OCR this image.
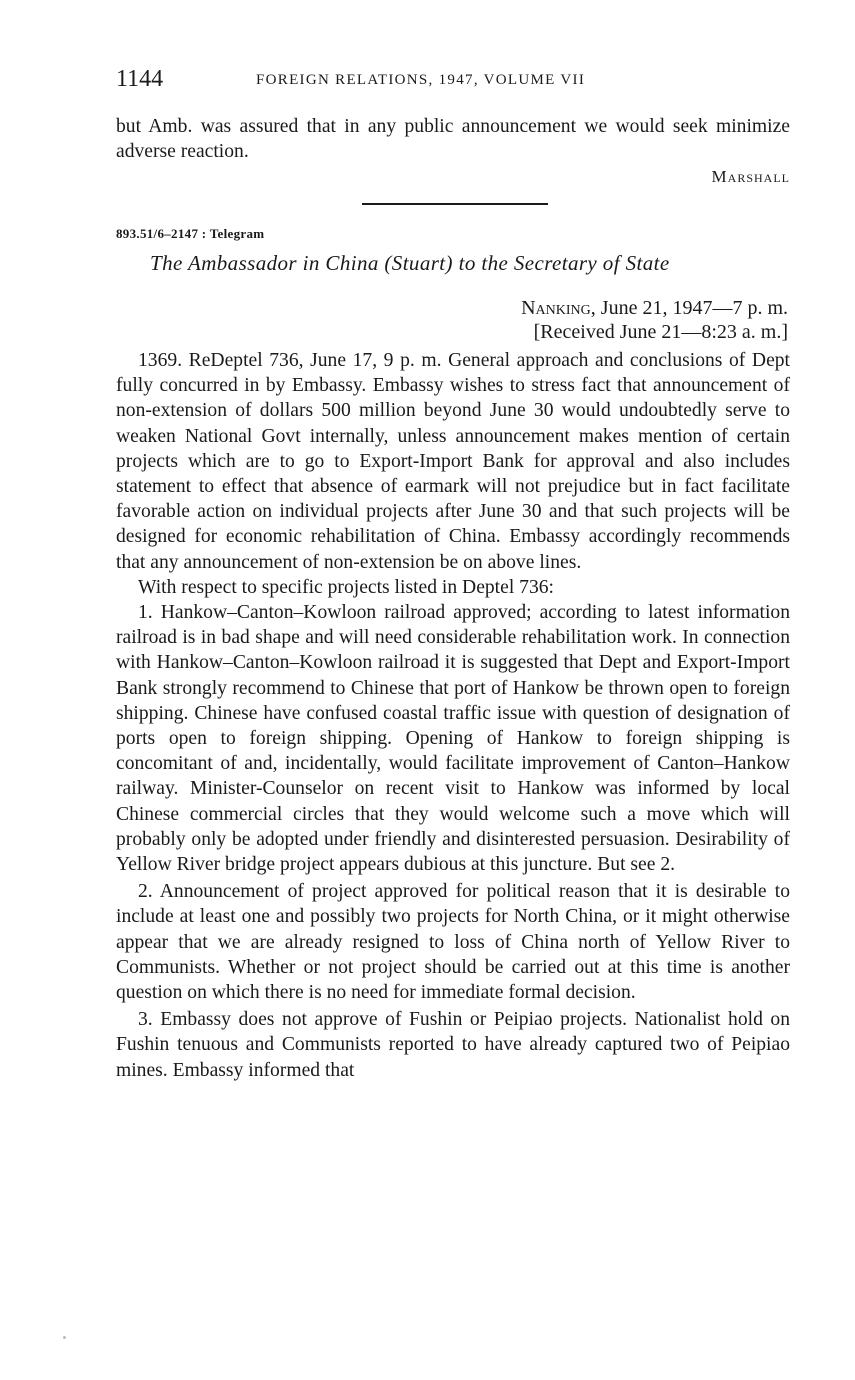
1144	FOREIGN RELATIONS, 1947, VOLUME VII

but Amb. was assured that in any public announcement we would seek minimize adverse reaction.

Marshall
893.51/6–2147 : Telegram
The Ambassador in China (Stuart) to the Secretary of State
Nanking, June 21, 1947—7 p. m.
[Received June 21—8:23 a. m.]

1369. ReDeptel 736, June 17, 9 p. m. General approach and conclusions of Dept fully concurred in by Embassy. Embassy wishes to stress fact that announcement of non-extension of dollars 500 million beyond June 30 would undoubtedly serve to weaken National Govt internally, unless announcement makes mention of certain projects which are to go to Export-Import Bank for approval and also includes statement to effect that absence of earmark will not prejudice but in fact facilitate favorable action on individual projects after June 30 and that such projects will be designed for economic rehabilitation of China. Embassy accordingly recommends that any announcement of non-extension be on above lines.

With respect to specific projects listed in Deptel 736:

1. Hankow–Canton–Kowloon railroad approved; according to latest information railroad is in bad shape and will need considerable rehabilitation work. In connection with Hankow–Canton–Kowloon railroad it is suggested that Dept and Export-Import Bank strongly recommend to Chinese that port of Hankow be thrown open to foreign shipping. Chinese have confused coastal traffic issue with question of designation of ports open to foreign shipping. Opening of Hankow to foreign shipping is concomitant of and, incidentally, would facilitate improvement of Canton–Hankow railway. Minister-Counselor on recent visit to Hankow was informed by local Chinese commercial circles that they would welcome such a move which will probably only be adopted under friendly and disinterested persuasion. Desirability of Yellow River bridge project appears dubious at this juncture. But see 2.

2. Announcement of project approved for political reason that it is desirable to include at least one and possibly two projects for North China, or it might otherwise appear that we are already resigned to loss of China north of Yellow River to Communists. Whether or not project should be carried out at this time is another question on which there is no need for immediate formal decision.

3. Embassy does not approve of Fushin or Peipiao projects. Nationalist hold on Fushin tenuous and Communists reported to have already captured two of Peipiao mines. Embassy informed that
